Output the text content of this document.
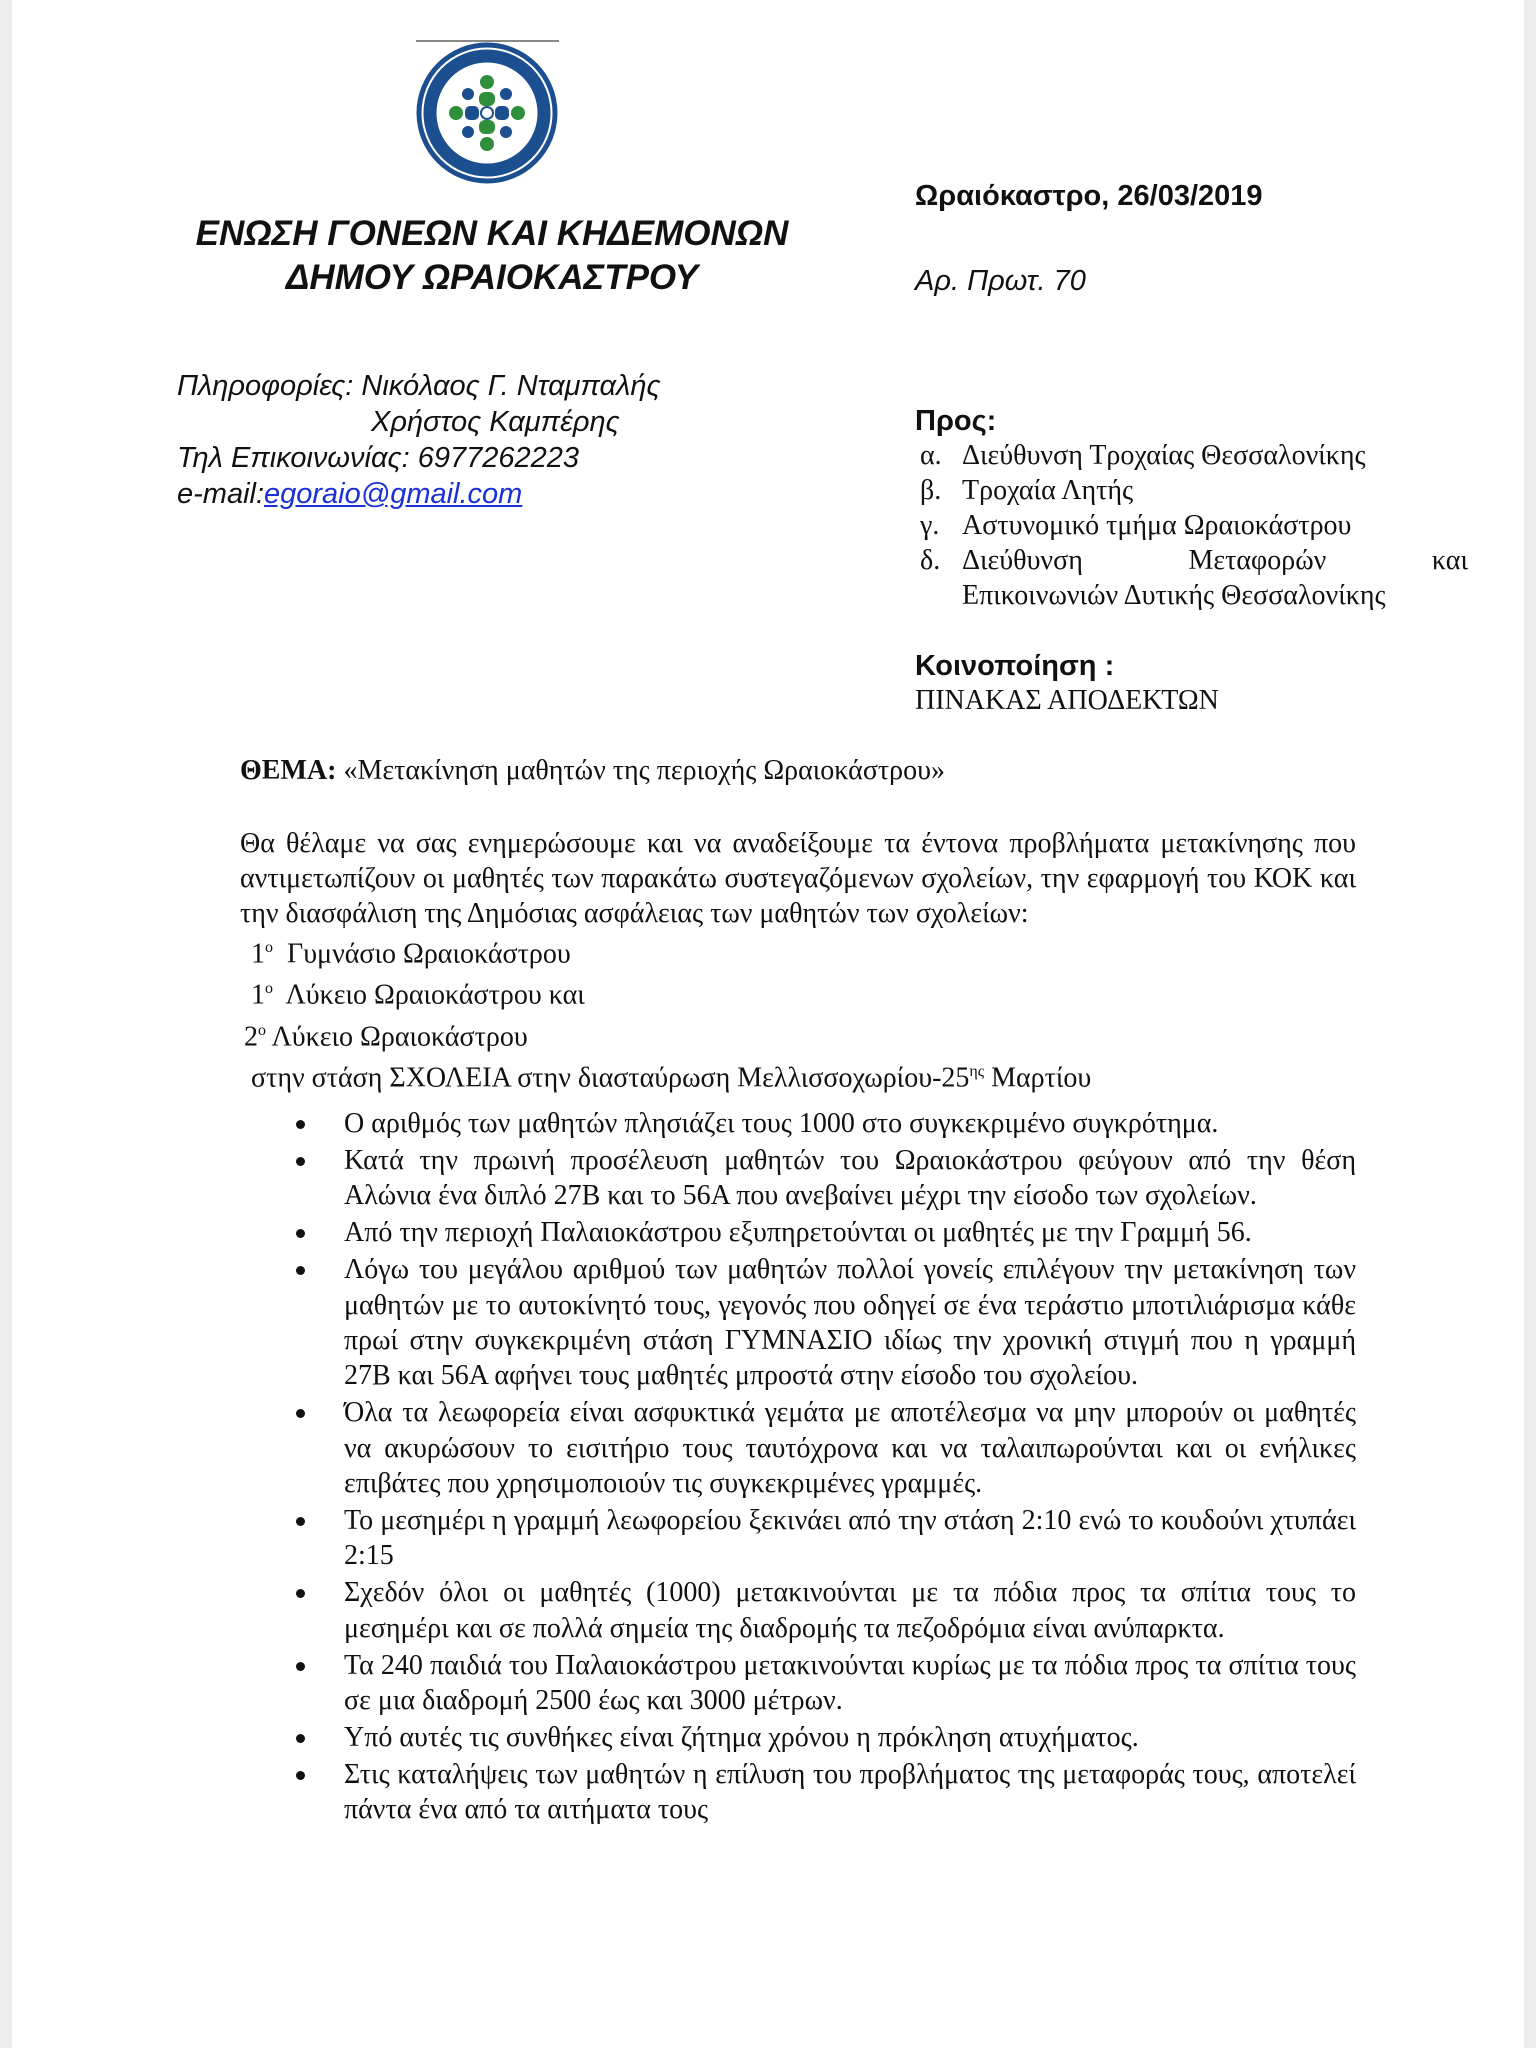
ΕΝΩΣΗ ΓΟΝΕΩΝ ΚΑΙ ΚΗΔΕΜΟΝΩΝ
ΔΗΜΟΥ ΩΡΑΙΟΚΑΣΤΡΟΥ
Πληροφορίες: Νικόλαος Γ. Νταμπαλής
Χρήστος Καμπέρης
Τηλ Επικοινωνίας: 6977262223
e-mail:egoraio@gmail.com
Ωραιόκαστρο, 26/03/2019
Αρ. Πρωτ. 70
Προς:
α. Διεύθυνση Τροχαίας Θεσσαλονίκης
β. Τροχαία Λητής
γ. Αστυνομικό τμήμα Ωραιοκάστρου
δ. Διεύθυνση Μεταφορών και
Επικοινωνιών Δυτικής Θεσσαλονίκης
Κοινοποίηση :
ΠΙΝΑΚΑΣ ΑΠΟΔΕΚΤΩΝ
ΘΕΜΑ: «Μετακίνηση μαθητών της περιοχής Ωραιοκάστρου»
Θα θέλαμε να σας ενημερώσουμε και να αναδείξουμε τα έντονα προβλήματα μετακίνησης που αντιμετωπίζουν οι μαθητές των παρακάτω συστεγαζόμενων σχολείων, την εφαρμογή του ΚΟΚ και την διασφάλιση της Δημόσιας ασφάλειας των μαθητών των σχολείων:
$1^o$ Γυμνάσιο Ωραιοκάστρου
$1^o$ Λύκειο Ωραιοκάστρου και
$2^o$ Λύκειο Ωραιοκάστρου
στην στάση ΣΧΟΛΕΙΑ στην διασταύρωση Μελλισσοχωρίου-$25^{\eta\varsigma}$ Μαρτίου
Ο αριθμός των μαθητών πλησιάζει τους 1000 στο συγκεκριμένο συγκρότημα.
Κατά την πρωινή προσέλευση μαθητών του Ωραιοκάστρου φεύγουν από την θέση Αλώνια ένα διπλό 27Β και το 56Α που ανεβαίνει μέχρι την είσοδο των σχολείων.
Από την περιοχή Παλαιοκάστρου εξυπηρετούνται οι μαθητές με την Γραμμή 56.
Λόγω του μεγάλου αριθμού των μαθητών πολλοί γονείς επιλέγουν την μετακίνηση των μαθητών με το αυτοκίνητό τους, γεγονός που οδηγεί σε ένα τεράστιο μποτιλιάρισμα κάθε πρωί στην συγκεκριμένη στάση ΓΥΜΝΑΣΙΟ ιδίως την χρονική στιγμή που η γραμμή 27Β και 56Α αφήνει τους μαθητές μπροστά στην είσοδο του σχολείου.
Όλα τα λεωφορεία είναι ασφυκτικά γεμάτα με αποτέλεσμα να μην μπορούν οι μαθητές να ακυρώσουν το εισιτήριο τους ταυτόχρονα και να ταλαιπωρούνται και οι ενήλικες επιβάτες που χρησιμοποιούν τις συγκεκριμένες γραμμές.
Το μεσημέρι η γραμμή λεωφορείου ξεκινάει από την στάση 2:10 ενώ το κουδούνι χτυπάει 2:15
Σχεδόν όλοι οι μαθητές (1000) μετακινούνται με τα πόδια προς τα σπίτια τους το μεσημέρι και σε πολλά σημεία της διαδρομής τα πεζοδρόμια είναι ανύπαρκτα.
Τα 240 παιδιά του Παλαιοκάστρου μετακινούνται κυρίως με τα πόδια προς τα σπίτια τους σε μια διαδρομή 2500 έως και 3000 μέτρων.
Υπό αυτές τις συνθήκες είναι ζήτημα χρόνου η πρόκληση ατυχήματος.
Στις καταλήψεις των μαθητών η επίλυση του προβλήματος της μεταφοράς τους, αποτελεί πάντα ένα από τα αιτήματα τους
